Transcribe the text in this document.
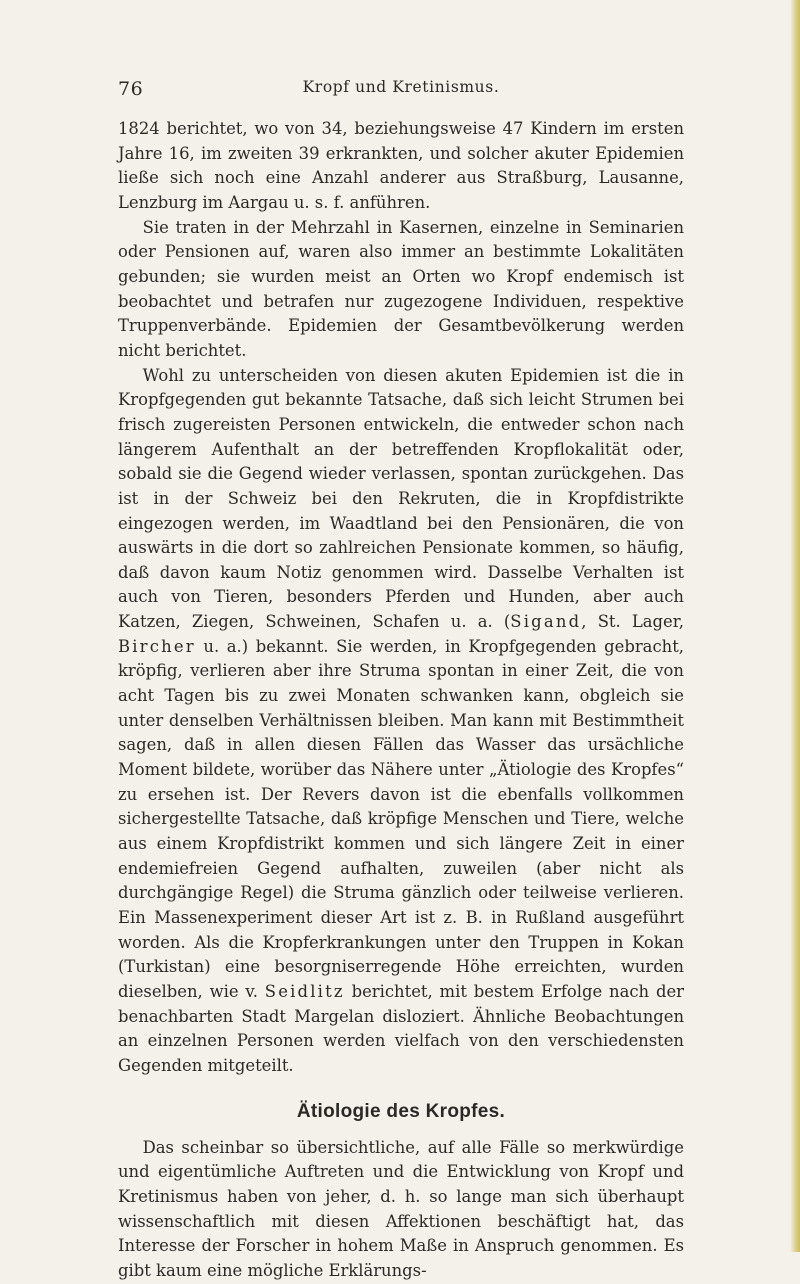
76	Kropf und Kretinismus.

1824 berichtet, wo von 34, beziehungsweise 47 Kindern im ersten Jahre 16, im zweiten 39 erkrankten, und solcher akuter Epidemien ließe sich noch eine Anzahl anderer aus Straßburg, Lausanne, Lenzburg im Aargau u. s. f. anführen.

Sie traten in der Mehrzahl in Kasernen, einzelne in Seminarien oder Pensionen auf, waren also immer an bestimmte Lokalitäten gebunden; sie wurden meist an Orten wo Kropf endemisch ist beobachtet und betrafen nur zugezogene Individuen, respektive Truppenverbände. Epidemien der Gesamtbevölkerung werden nicht berichtet.

Wohl zu unterscheiden von diesen akuten Epidemien ist die in Kropfgegenden gut bekannte Tatsache, daß sich leicht Strumen bei frisch zugereisten Personen entwickeln, die entweder schon nach längerem Aufenthalt an der betreffenden Kropflokalität oder, sobald sie die Gegend wieder verlassen, spontan zurückgehen. Das ist in der Schweiz bei den Rekruten, die in Kropfdistrikte eingezogen werden, im Waadtland bei den Pensionären, die von auswärts in die dort so zahlreichen Pensionate kommen, so häufig, daß davon kaum Notiz genommen wird. Dasselbe Verhalten ist auch von Tieren, besonders Pferden und Hunden, aber auch Katzen, Ziegen, Schweinen, Schafen u. a. (Sigand, St. Lager, Bircher u. a.) bekannt. Sie werden, in Kropfgegenden gebracht, kröpfig, verlieren aber ihre Struma spontan in einer Zeit, die von acht Tagen bis zu zwei Monaten schwanken kann, obgleich sie unter denselben Verhältnissen bleiben. Man kann mit Bestimmtheit sagen, daß in allen diesen Fällen das Wasser das ursächliche Moment bildete, worüber das Nähere unter „Ätiologie des Kropfes“ zu ersehen ist. Der Revers davon ist die ebenfalls vollkommen sichergestellte Tatsache, daß kröpfige Menschen und Tiere, welche aus einem Kropfdistrikt kommen und sich längere Zeit in einer endemiefreien Gegend aufhalten, zuweilen (aber nicht als durchgängige Regel) die Struma gänzlich oder teilweise verlieren. Ein Massenexperiment dieser Art ist z. B. in Rußland ausgeführt worden. Als die Kropferkrankungen unter den Truppen in Kokan (Turkistan) eine besorgniserregende Höhe erreichten, wurden dieselben, wie v. Seidlitz berichtet, mit bestem Erfolge nach der benachbarten Stadt Margelan disloziert. Ähnliche Beobachtungen an einzelnen Personen werden vielfach von den verschiedensten Gegenden mitgeteilt.

Ätiologie des Kropfes.

Das scheinbar so übersichtliche, auf alle Fälle so merkwürdige und eigentümliche Auftreten und die Entwicklung von Kropf und Kretinismus haben von jeher, d. h. so lange man sich überhaupt wissenschaftlich mit diesen Affektionen beschäftigt hat, das Interesse der Forscher in hohem Maße in Anspruch genommen. Es gibt kaum eine mögliche Erklärungs-
